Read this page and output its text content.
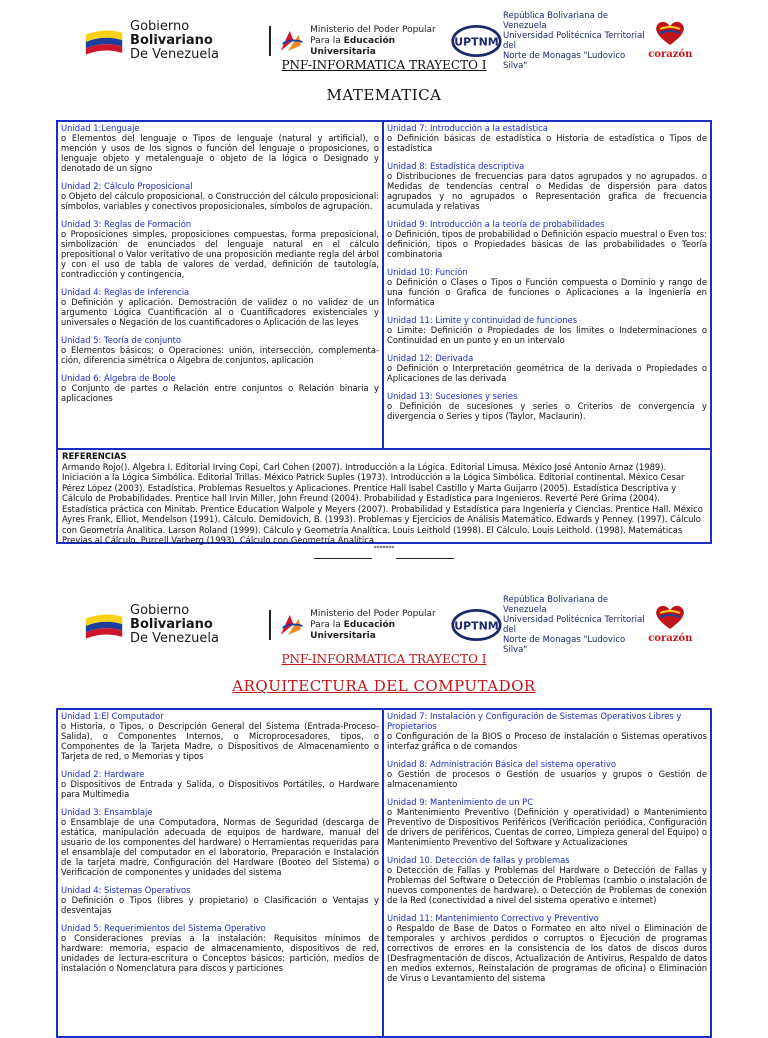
Gobierno Bolivariano
De Venezuela
Ministerio del Poder Popular
Para la Educación Universitaria
UPTNM
República Bolivariana de Venezuela
Universidad Politécnica Territorial del
Norte de Monagas "Ludovico Silva"
corazón
PNF-INFORMATICA TRAYECTO I
MATEMATICA
Unidad 1:Lenguaje
o Elementos del lenguaje o Tipos de lenguaje (natural y artificial), o mención y usos de los signos o función del lenguaje o proposiciones, o lenguaje objeto y metalenguaje o objeto de la lógica o Designado y denotado de un signo
Unidad 2: Cálculo Proposicional
o Objeto del cálculo proposicional. o Construcción del cálculo proposicional: símbolos, variables y conectivos proposicionales, símbolos de agrupación.
Unidad 3: Reglas de Formación
o Proposiciones simples, proposiciones compuestas, forma preposicional, simbolización de enunciados del lenguaje natural en el cálculo prepositional o Valor veritativo de una proposición mediante regla del árbol y con el uso de tabla de valores de verdad, definición de tautología, contradicción y contingencia,
Unidad 4: Reglas de Inferencia
o Definición y aplicación. Demostración de validez o no validez de un argumento Lógica Cuantificación al o Cuantificadores existenciales y universales o Negación de los cuantificadores o Aplicación de las leyes
Unidad 5: Teoría de conjunto
o Elementos básicos; o Operaciones: unión, intersección, complementa- ción, diferencia simétrica o Algebra de conjuntos, aplicación
Unidad 6: Álgebra de Boole
o Conjunto de partes o Relación entre conjuntos o Relación binaria y aplicaciones
Unidad 7: Introducción a la estadística
o Definición básicas de estadística o Historia de estadística o Tipos de estadística
Unidad 8: Estadística descriptiva
o Distribuciones de frecuencias para datos agrupados y no agrupados. o Medidas de tendencias central o Medidas de dispersión para datos agrupados y no agrupados o Representación grafica de frecuencia acumulada y relativas
Unidad 9: Introducción a la teoría de probabilidades
o Definición, tipos de probabilidad o Definición espacio muestral o Even tos: definición, tipos o Propiedades básicas de las probabilidades o Teoría combinatoria
Unidad 10: Función
o Definición o Clases o Tipos o Función compuesta o Dominio y rango de una función o Grafica de funciones o Aplicaciones a la Ingeniería en Informática
Unidad 11: Limite y continuidad de funciones
o Limite: Definición o Propiedades de los limites o Indeterminaciones o Continuidad en un punto y en un intervalo
Unidad 12: Derivada
o Definición o Interpretación geométrica de la derivada o Propiedades o Aplicaciones de las derivada
Unidad 13: Sucesiones y series
o Definición de sucesiones y series o Criterios de convergencia y divergencia o Series y tipos (Taylor, Maclaurin).
REFERENCIAS
Armando Rojo(). Algebra I. Editorial Irving Copi, Carl Cohen (2007). Introducción a la Lógica. Editorial Limusa. México José Antonio Arnaz (1989). Iniciación a la Lógica Simbólica. Editorial Trillas. México Patrick Suples (1973). Introducción a la Lógica Simbólica. Editorial continental. México Cesar Pérez López (2003). Estadística. Problemas Resueltos y Aplicaciones. Prentice Hall Isabel Castillo y Marta Guijarro (2005). Estadística Descriptiva y Cálculo de Probabilidades. Prentice hall Irvin Miller, John Freund (2004). Probabilidad y Estadística para Ingenieros. Reverté Peré Grima (2004). Estadística práctica con Minitab. Prentice Education Walpole y Meyers (2007). Probabilidad y Estadística para Ingeniería y Ciencias. Prentice Hall. México Ayres Frank, Elliot, Mendelson (1991). Cálculo. Demidovich, B. (1993). Problemas y Ejercicios de Análisis Matemático. Edwards y Penney. (1997). Cálculo con Geometría Analítica. Larson Roland (1999). Cálculo y Geometría Analítica. Louis Leithold (1998). El Cálculo. Louis Leithold. (1998). Matemáticas Previas al Cálculo. Purcell Varberg (1993). Cálculo con Geometría Analítica
*******
Gobierno Bolivariano
De Venezuela
Ministerio del Poder Popular
Para la Educación Universitaria
UPTNM
República Bolivariana de Venezuela
Universidad Politécnica Territorial del
Norte de Monagas "Ludovico Silva"
corazón
PNF-INFORMATICA TRAYECTO I
ARQUITECTURA DEL COMPUTADOR
Unidad 1:El Computador
o Historia, o Tipos, o Descripción General del Sistema (Entrada-Proceso-Salida), o Componentes Internos, o Microprocesadores, tipos, o Componentes de la Tarjeta Madre, o Dispositivos de Almacenamiento o Tarjeta de red, o Memorias y tipos
Unidad 2: Hardware
o Dispositivos de Entrada y Salida, o Dispositivos Portátiles, o Hardware para Multimedia
Unidad 3: Ensamblaje
o Ensamblaje de una Computadora, Normas de Seguridad (descarga de estática, manipulación adecuada de equipos de hardware, manual del usuario de los componentes del hardware) o Herramientas requeridas para el ensamblaje del computador en el laboratorio, Preparación e Instalación de la tarjeta madre, Configuración del Hardware (Booteo del Sistema) o Verificación de componentes y unidades del sistema
Unidad 4: Sistemas Operativos
o Definición o Tipos (libres y propietario) o Clasificación o Ventajas y desventajas
Unidad 5: Requerimientos del Sistema Operativo
o Consideraciones previas a la instalación: Requisitos mínimos de hardware: memoria, espacio de almacenamiento, dispositivos de red, unidades de lectura-escritura o Conceptos básicos: partición, medios de instalación o Nomenclatura para discos y particiones
Unidad 7: Instalación y Configuración de Sistemas Operativos Libres y Propietarios
o Configuración de la BIOS o Proceso de instalación o Sistemas operativos interfaz gráfica o de comandos
Unidad 8: Administración Básica del sistema operativo
o Gestión de procesos o Gestión de usuarios y grupos o Gestión de almacenamiento
Unidad 9: Mantenimiento de un PC
o Mantenimiento Preventivo (Definición y operatividad) o Mantenimiento Preventivo de Dispositivos Periféricos (Verificación periódica, Configuración de drivers de periféricos, Cuentas de correo, Limpieza general del Equipo) o Mantenimiento Preventivo del Software y Actualizaciones
Unidad 10. Detección de fallas y problemas
o Detección de Fallas y Problemas del Hardware o Detección de Fallas y Problemas del Software o Detección de Problemas (cambio o instalación de nuevos componentes de hardware). o Detección de Problemas de conexión de la Red (conectividad a nivel del sistema operativo e internet)
Unidad 11: Mantenimiento Correctivo y Preventivo
o Respaldo de Base de Datos o Formateo en alto nivel o Eliminación de temporales y archivos perdidos o corruptos o Ejecución de programas correctivos de errores en la consistencia de los datos de discos duros (Desfragmentación de discos, Actualización de Antivirus, Respaldo de datos en medios externos, Reinstalación de programas de oficina) o Eliminación de Virus o Levantamiento del sistema
